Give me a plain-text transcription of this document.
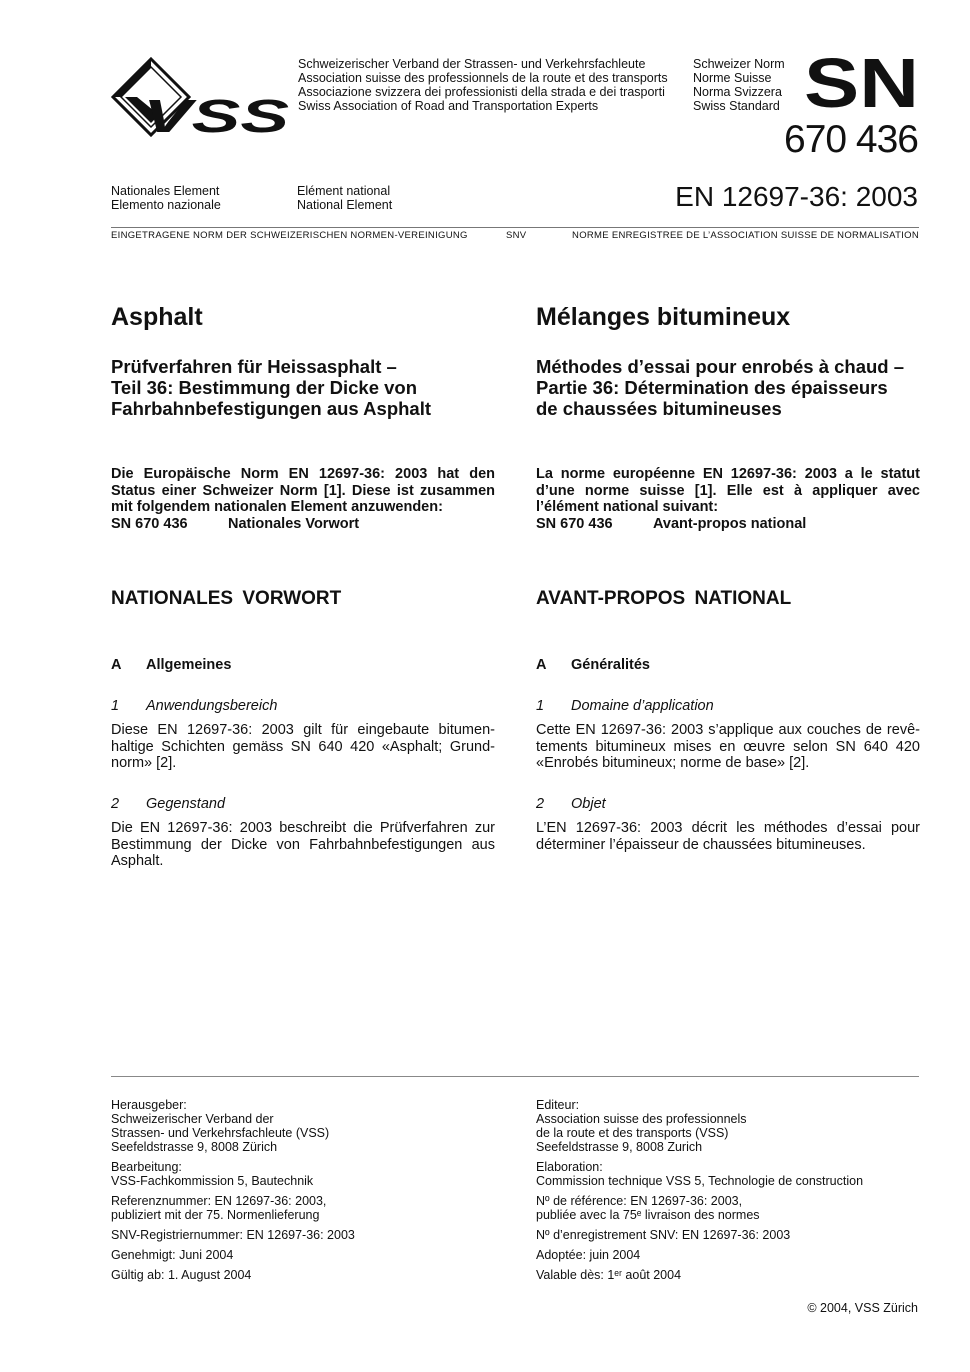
VSS
Schweizerischer Verband der Strassen- und Verkehrsfachleute
Association suisse des professionnels de la route et des transports
Associazione svizzera dei professionisti della strada e dei trasporti
Swiss Association of Road and Transportation Experts
Schweizer Norm
Norme Suisse
Norma Svizzera
Swiss Standard SN
670 436
EN 12697-36: 2003
Nationales Element
Elemento nazionale
Elément national
National Element
EINGETRAGENE NORM DER SCHWEIZERISCHEN NORMEN-VEREINIGUNG	SNV	NORME ENREGISTREE DE L’ASSOCIATION SUISSE DE NORMALISATION
Asphalt
Prüfverfahren für Heissasphalt –
Teil 36: Bestimmung der Dicke von
Fahrbahnbefestigungen aus Asphalt
Die Europäische Norm EN 12697-36: 2003 hat den Status einer Schweizer Norm [1]. Diese ist zusammen mit folgendem nationalen Element anzuwenden:
SN 670 436	Nationales Vorwort
NATIONALES VORWORT
A	Allgemeines
1	Anwendungsbereich
Diese EN 12697-36: 2003 gilt für eingebaute bitumenhaltige Schichten gemäss SN 640 420 «Asphalt; Grundnorm» [2].
2	Gegenstand
Die EN 12697-36: 2003 beschreibt die Prüfverfahren zur Bestimmung der Dicke von Fahrbahnbefestigungen aus Asphalt.
Mélanges bitumineux
Méthodes d’essai pour enrobés à chaud –
Partie 36: Détermination des épaisseurs
de chaussées bitumineuses
La norme européenne EN 12697-36: 2003 a le statut d’une norme suisse [1]. Elle est à appliquer avec l’élément national suivant:
SN 670 436	Avant-propos national
AVANT-PROPOS NATIONAL
A	Généralités
1	Domaine d’application
Cette EN 12697-36: 2003 s’applique aux couches de revêtements bitumineux mises en œuvre selon SN 640 420 «Enrobés bitumineux; norme de base» [2].
2	Objet
L’EN 12697-36: 2003 décrit les méthodes d’essai pour déterminer l’épaisseur de chaussées bitumineuses.

Herausgeber:
Schweizerischer Verband der
Strassen- und Verkehrsfachleute (VSS)
Seefeldstrasse 9, 8008 Zürich

Bearbeitung:
VSS-Fachkommission 5, Bautechnik

Referenznummer: EN 12697-36: 2003,
publiziert mit der 75. Normenlieferung

SNV-Registriernummer: EN 12697-36: 2003

Genehmigt: Juni 2004

Gültig ab: 1. August 2004

Editeur:
Association suisse des professionnels
de la route et des transports (VSS)
Seefeldstrasse 9, 8008 Zurich

Elaboration:
Commission technique VSS 5, Technologie de construction

Nº de référence: EN 12697-36: 2003,
publiée avec la 75ᵉ livraison des normes

Nº d’enregistrement SNV: EN 12697-36: 2003

Adoptée: juin 2004

Valable dès: 1ᵉʳ août 2004

© 2004, VSS Zürich
